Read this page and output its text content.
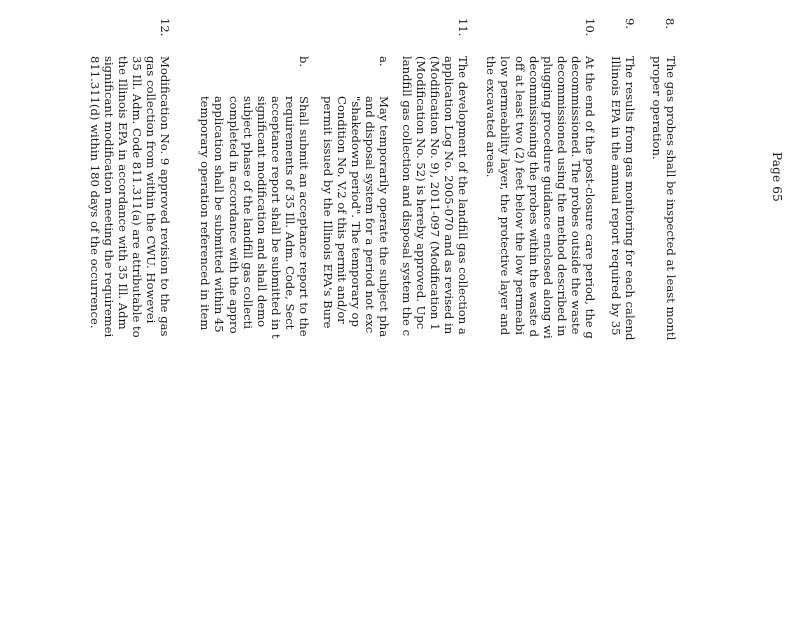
Page 65
8.
The gas probes shall be inspected at least montl
proper operation.
9.
The results from gas monitoring for each calend
Illinois EPA in the annual report required by 35
10.
At the end of the post-closure care period, the g
decommissioned. The probes outside the waste
decommissioned using the method described in
plugging procedure guidance enclosed along wi
decommissioning the probes within the waste d
off at least two (2) feet below the low permeabi
low permeability layer, the protective layer and
the excavated areas.
11.
The development of the landfill gas collection a
application Log No. 2005-070 and as revised in
(Modification No. 9), 2011-097 (Modification 1
(Modification No. 52) is hereby approved. Upc
landfill gas collection and disposal system the c
a.
May temporarily operate the subject pha
and disposal system for a period not exc
"shakedown period". The temporary op
Condition No. V.2 of this permit and/or
permit issued by the Illinois EPA's Bure
b.
Shall submit an acceptance report to the
requirements of 35 Ill. Adm. Code, Sect
acceptance report shall be submitted in t
significant modification and shall demo
subject phase of the landfill gas collecti
completed in accordance with the appro
application shall be submitted within 45
temporary operation referenced in item
12.
Modification No. 9 approved revision to the gas
gas collection from within the CWU. Howevei
35 Ill. Adm. Code 811.311(a) are attributable to
the Illinois EPA in accordance with 35 Ill. Adm
significant modification meeting the requiremei
811.311(d) within 180 days of the occurrence.
